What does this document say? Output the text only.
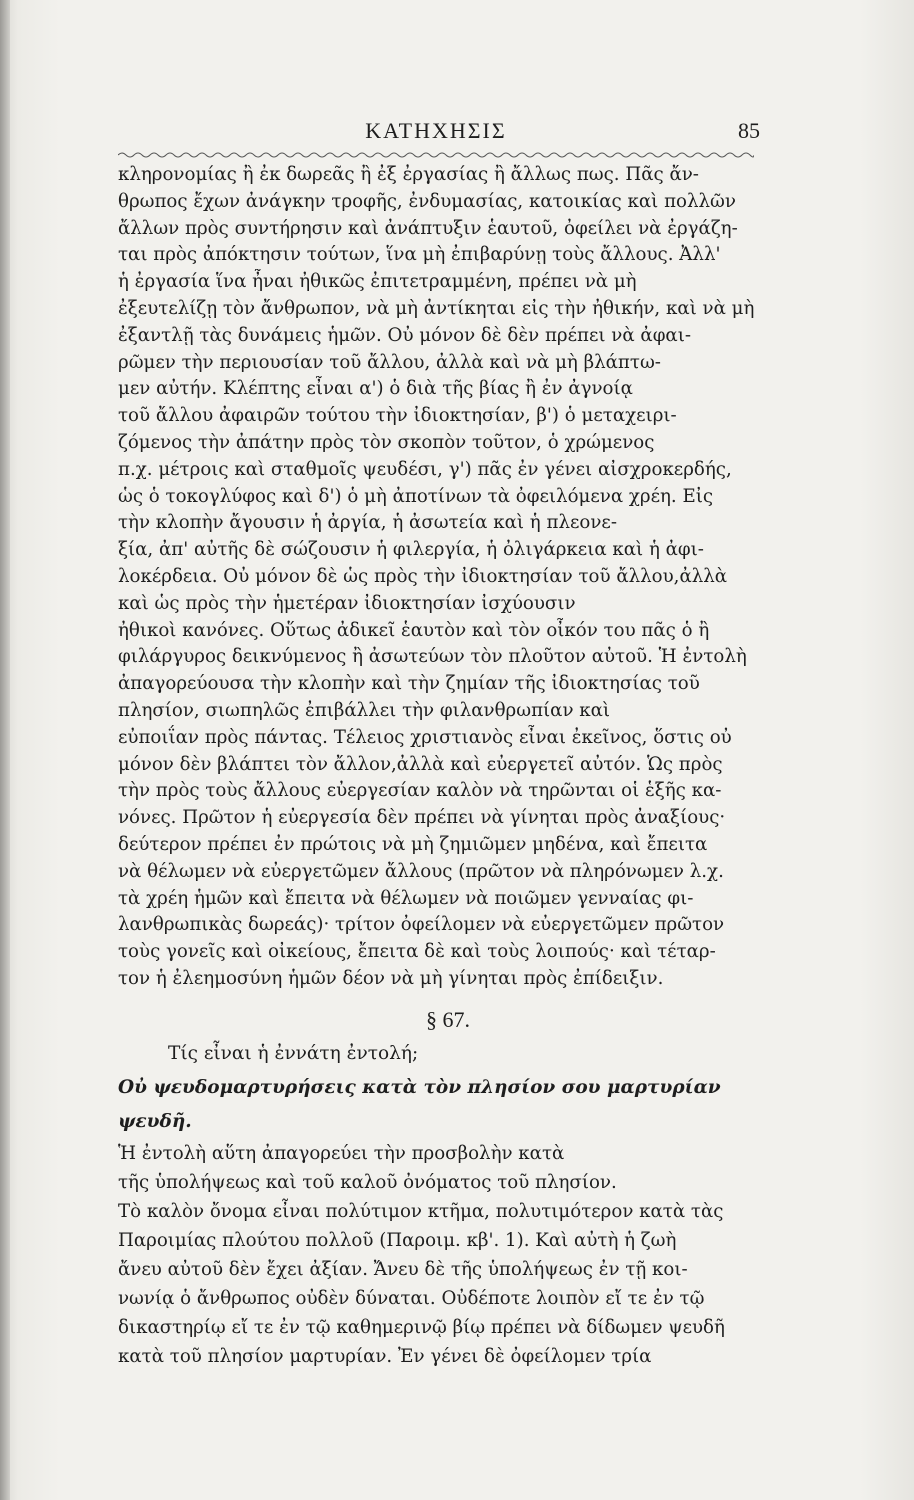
ΚΑΤΗΧΗΣΙΣ	85
κληρονομίας ἢ ἐκ δωρεᾶς ἢ ἐξ ἐργασίας ἢ ἄλλως πως. Πᾶς ἄν-
θρωπος ἔχων ἀνάγκην τροφῆς, ἐνδυμασίας, κατοικίας καὶ πολλῶν
ἄλλων πρὸς συντήρησιν καὶ ἀνάπτυξιν ἑαυτοῦ, ὀφείλει νὰ ἐργάζη-
ται πρὸς ἀπόκτησιν τούτων, ἵνα μὴ ἐπιβαρύνῃ τοὺς ἄλλους. Ἀλλ'
ἡ ἐργασία ἵνα ἦναι ἠθικῶς ἐπιτετραμμένη, πρέπει νὰ μὴ
ἐξευτελίζῃ τὸν ἄνθρωπον, νὰ μὴ ἀντίκηται εἰς τὴν ἠθικήν, καὶ νὰ μὴ
ἐξαντλῇ τὰς δυνάμεις ἡμῶν. Οὐ μόνον δὲ δὲν πρέπει νὰ ἀφαι-
ρῶμεν τὴν περιουσίαν τοῦ ἄλλου, ἀλλὰ καὶ νὰ μὴ βλάπτω-
μεν αὐτήν. Κλέπτης εἶναι α') ὁ διὰ τῆς βίας ἢ ἐν ἀγνοίᾳ
τοῦ ἄλλου ἀφαιρῶν τούτου τὴν ἰδιοκτησίαν, β') ὁ μεταχειρι-
ζόμενος τὴν ἀπάτην πρὸς τὸν σκοπὸν τοῦτον, ὁ χρώμενος
π.χ. μέτροις καὶ σταθμοῖς ψευδέσι, γ') πᾶς ἐν γένει αἰσχροκερδής,
ὡς ὁ τοκογλύφος καὶ δ') ὁ μὴ ἀποτίνων τὰ ὀφειλόμενα χρέη. Εἰς
τὴν κλοπὴν ἄγουσιν ἡ ἀργία, ἡ ἀσωτεία καὶ ἡ πλεονε-
ξία, ἀπ' αὐτῆς δὲ σώζουσιν ἡ φιλεργία, ἡ ὀλιγάρκεια καὶ ἡ ἀφι-
λοκέρδεια. Οὐ μόνον δὲ ὡς πρὸς τὴν ἰδιοκτησίαν τοῦ ἄλλου,ἀλλὰ
καὶ ὡς πρὸς τὴν ἡμετέραν ἰδιοκτησίαν ἰσχύουσιν
ἠθικοὶ κανόνες. Οὕτως ἀδικεῖ ἑαυτὸν καὶ τὸν οἶκόν του πᾶς ὁ ἢ
φιλάργυρος δεικνύμενος ἢ ἀσωτεύων τὸν πλοῦτον αὐτοῦ. Ἡ ἐντολὴ
ἀπαγορεύουσα τὴν κλοπὴν καὶ τὴν ζημίαν τῆς ἰδιοκτησίας τοῦ
πλησίον, σιωπηλῶς ἐπιβάλλει τὴν φιλανθρωπίαν καὶ
εὐποιΐαν πρὸς πάντας. Τέλειος χριστιανὸς εἶναι ἐκεῖνος, ὅστις οὐ
μόνον δὲν βλάπτει τὸν ἄλλον,ἀλλὰ καὶ εὐεργετεῖ αὐτόν. Ὡς πρὸς
τὴν πρὸς τοὺς ἄλλους εὐεργεσίαν καλὸν νὰ τηρῶνται οἱ ἑξῆς κα-
νόνες. Πρῶτον ἡ εὐεργεσία δὲν πρέπει νὰ γίνηται πρὸς ἀναξίους·
δεύτερον πρέπει ἐν πρώτοις νὰ μὴ ζημιῶμεν μηδένα, καὶ ἔπειτα
νὰ θέλωμεν νὰ εὐεργετῶμεν ἄλλους (πρῶτον νὰ πληρόνωμεν λ.χ.
τὰ χρέη ἡμῶν καὶ ἔπειτα νὰ θέλωμεν νὰ ποιῶμεν γενναίας φι-
λανθρωπικὰς δωρεάς)· τρίτον ὀφείλομεν νὰ εὐεργετῶμεν πρῶτον
τοὺς γονεῖς καὶ οἰκείους, ἔπειτα δὲ καὶ τοὺς λοιπούς· καὶ τέταρ-
τον ἡ ἐλεημοσύνη ἡμῶν δέον νὰ μὴ γίνηται πρὸς ἐπίδειξιν.
§ 67.
Τίς εἶναι ἡ ἐννάτη ἐντολή;
Οὐ ψευδομαρτυρήσεις κατὰ τὸν πλησίον σου μαρτυρίαν ψευδῆ.
Ἡ ἐντολὴ αὕτη ἀπαγορεύει τὴν προσβολὴν κατὰ
τῆς ὑπολήψεως καὶ τοῦ καλοῦ ὀνόματος τοῦ πλησίον.
Τὸ καλὸν ὄνομα εἶναι πολύτιμον κτῆμα, πολυτιμότερον κατὰ τὰς
Παροιμίας πλούτου πολλοῦ (Παροιμ. κβ'. 1). Καὶ αὐτὴ ἡ ζωὴ
ἄνευ αὐτοῦ δὲν ἔχει ἀξίαν. Ἄνευ δὲ τῆς ὑπολήψεως ἐν τῇ κοι-
νωνίᾳ ὁ ἄνθρωπος οὐδὲν δύναται. Οὐδέποτε λοιπὸν εἴ τε ἐν τῷ
δικαστηρίῳ εἴ τε ἐν τῷ καθημερινῷ βίῳ πρέπει νὰ δίδωμεν ψευδῆ
κατὰ τοῦ πλησίον μαρτυρίαν. Ἐν γένει δὲ ὀφείλομεν τρία
